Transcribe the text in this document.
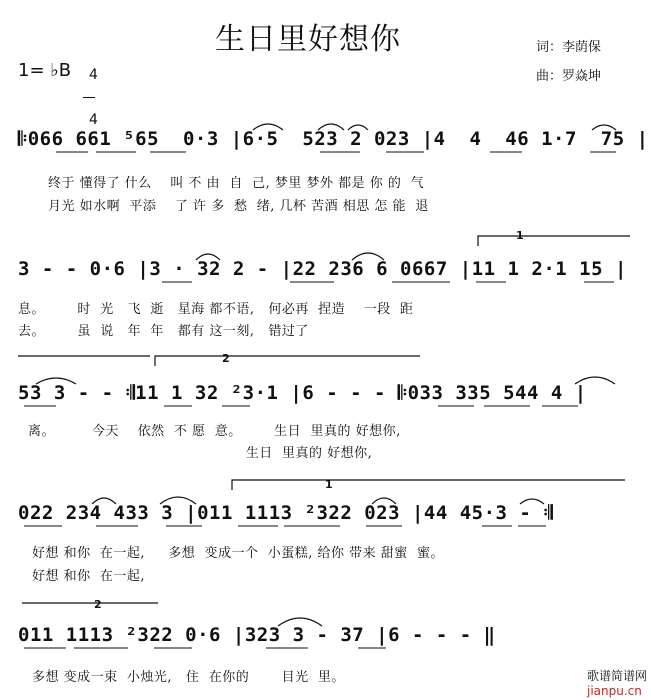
生日里好想你	词：李荫保
曲：罗焱坤
1= ♭B	4

4

𝄆066 661 ⁵65  0·3 |6·5  523 2 023 |4  4  46 1·7  75 |
终于 懂得了 什么    叫 不 由  自  己, 梦里 梦外 都是 你 的  气
月光 如水啊  平添    了 许 多  愁  绪, 几杯 苦酒 相思 怎 能  退
3 - - 0·6 |3 · 32 2 - |22 236 6 0667 |11 1 2·1 15 |
息。       时  光   飞  逝   星海 都不语,   何必再  捏造    一段  距
去。       虽  说   年  年   都有 这一刻,   错过了
53 3 - - 𝄇11 1 32 ²3·1 |6 - - - 𝄆033 335 544 4 |
离。        今天    依然  不 愿  意。       生日  里真的 好想你,
生日  里真的 好想你,
022 234 433 3 |011 1113 ²322 023 |44 45·3 - 𝄇
好想 和你  在一起,     多想  变成一个  小蛋糕, 给你 带来 甜蜜  蜜。
好想 和你  在一起,
011 1113 ²322 0·6 |323 3 - 37 |6 - - - ‖
多想 变成一束  小烛光,   住  在你的       目光  里。
1
2
1
2

歌谱简谱网
jianpu.cn
